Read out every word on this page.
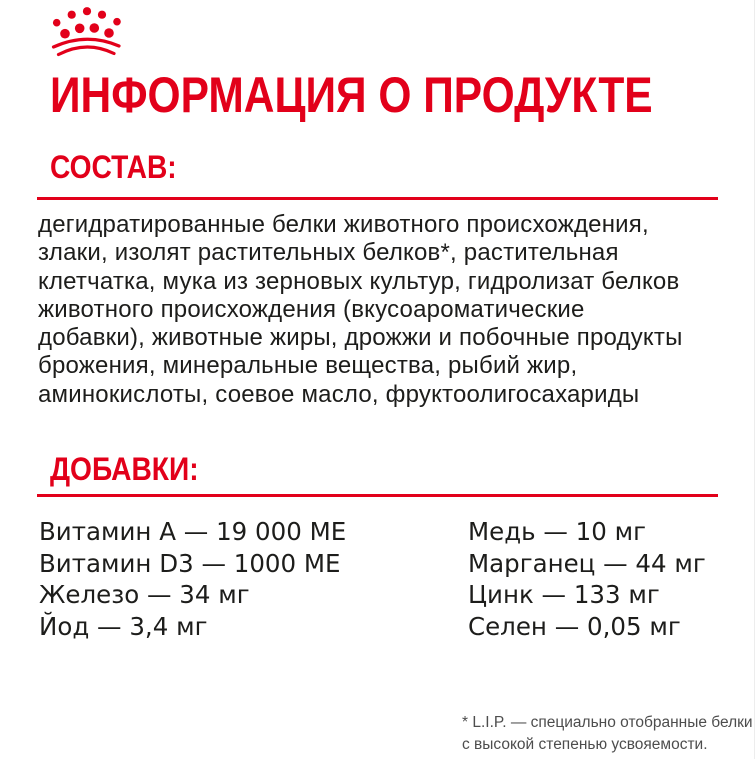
ИНФОРМАЦИЯ О ПРОДУКТЕ
СОСТАВ:
дегидратированные белки животного происхождения,
злаки, изолят растительных белков*, растительная
клетчатка, мука из зерновых культур, гидролизат белков
животного происхождения (вкусоароматические
добавки), животные жиры, дрожжи и побочные продукты
брожения, минеральные вещества, рыбий жир,
аминокислоты, соевое масло, фруктоолигосахариды
ДОБАВКИ:
Витамин A — 19 000 МЕ
Витамин D3 — 1000 МЕ
Железо — 34 мг
Йод — 3,4 мг
Медь — 10 мг
Марганец — 44 мг
Цинк — 133 мг
Селен — 0,05 мг
* L.I.P. — специально отобранные белки
с высокой степенью усвояемости.
